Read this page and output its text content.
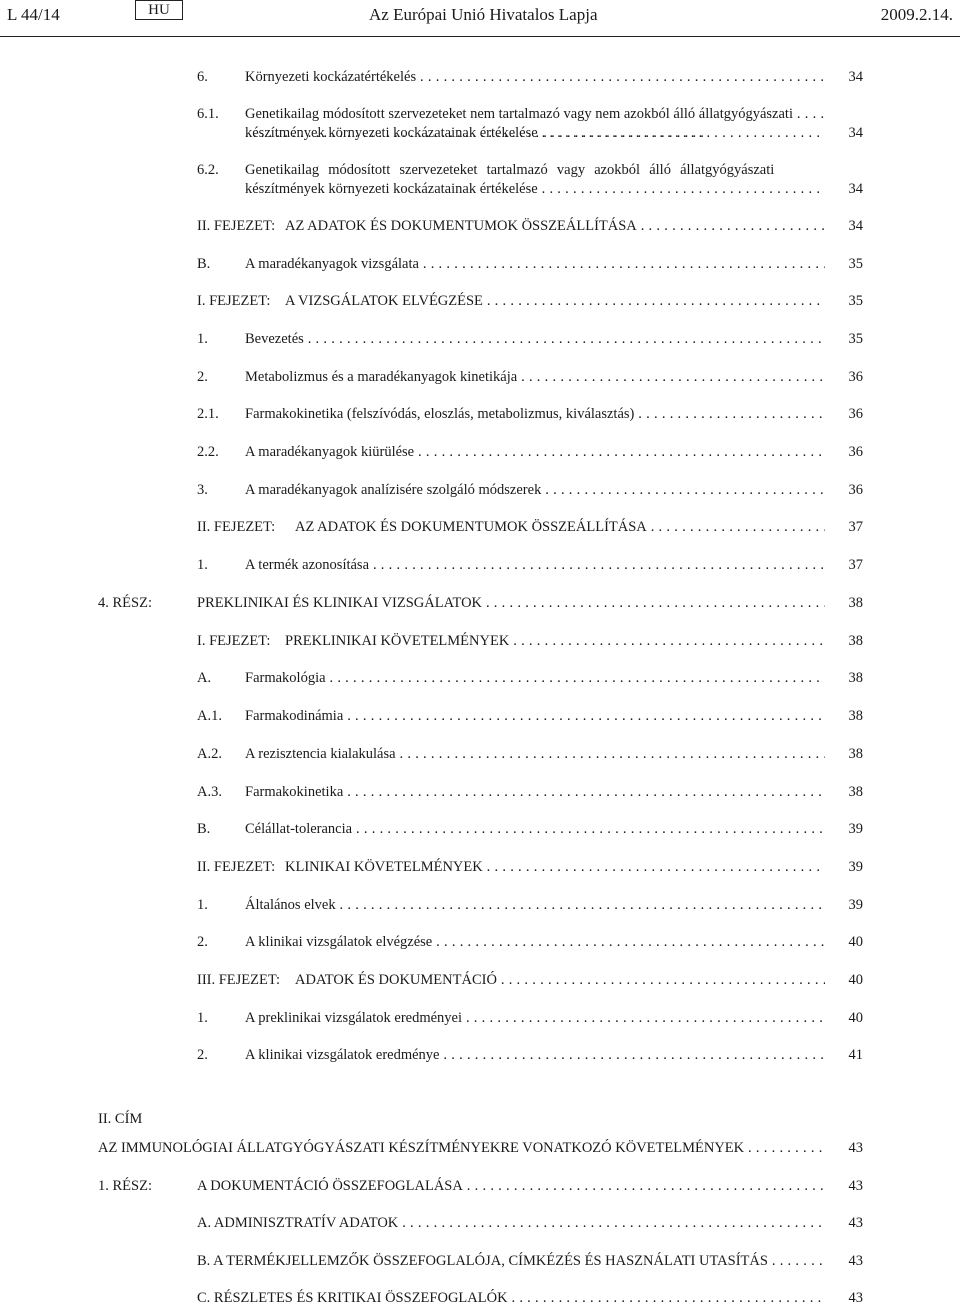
L 44/14	HU	Az Európai Unió Hivatalos Lapja	2009.2.14.
6.	Környezeti kockázatértékelés . . .	34
6.1. Genetikailag módosított szervezeteket nem tartalmazó vagy nem azokból álló állatgyógyászati . . .
készítmények környezeti kockázatainak értékelése . . .	34
6.2. Genetikailag módosított szervezeteket tartalmazó vagy azokból álló állatgyógyászati
készítmények környezeti kockázatainak értékelése . . .	34
II. FEJEZET: AZ ADATOK ÉS DOKUMENTUMOK ÖSSZEÁLLÍTÁSA . . .	34
B. A maradékanyagok vizsgálata . . .	35
I. FEJEZET: A VIZSGÁLATOK ELVÉGZÉSE . . .	35
1.	Bevezetés . . .	35
2.	Metabolizmus és a maradékanyagok kinetikája . . .	36
2.1. Farmakokinetika (felszívódás, eloszlás, metabolizmus, kiválasztás) . . .	36
2.2. A maradékanyagok kiürülése . . .	36
3.	A maradékanyagok analízisére szolgáló módszerek . . .	36
II. FEJEZET: AZ ADATOK ÉS DOKUMENTUMOK ÖSSZEÁLLÍTÁSA . . .	37
1.	A termék azonosítása . . .	37
4. RÉSZ:	PREKLINIKAI ÉS KLINIKAI VIZSGÁLATOK . . .	38
I. FEJEZET: PREKLINIKAI KÖVETELMÉNYEK . . .	38
A. Farmakológia . . .	38
A.1. Farmakodinámia . . .	38
A.2. A rezisztencia kialakulása . . .	38
A.3. Farmakokinetika . . .	38
B. Célállat-tolerancia . . .	39
II. FEJEZET: KLINIKAI KÖVETELMÉNYEK . . .	39
1.	Általános elvek . . .	39
2.	A klinikai vizsgálatok elvégzése . . .	40
III. FEJEZET: ADATOK ÉS DOKUMENTÁCIÓ . . .	40
1.	A preklinikai vizsgálatok eredményei . . .	40
2.	A klinikai vizsgálatok eredménye . . .	41
II. CÍM
AZ IMMUNOLÓGIAI ÁLLATGYÓGYÁSZATI KÉSZÍTMÉNYEKRE VONATKOZÓ KÖVETELMÉNYEK . . .	43
1. RÉSZ:	A DOKUMENTÁCIÓ ÖSSZEFOGLALÁSA . . .	43
A. ADMINISZTRATÍV ADATOK . . .	43
B. A TERMÉKJELLEMZŐK ÖSSZEFOGLALÓJA, CÍMKÉZÉS ÉS HASZNÁLATI UTASÍTÁS . . .	43
C. RÉSZLETES ÉS KRITIKAI ÖSSZEFOGLALÓK . . .	43
